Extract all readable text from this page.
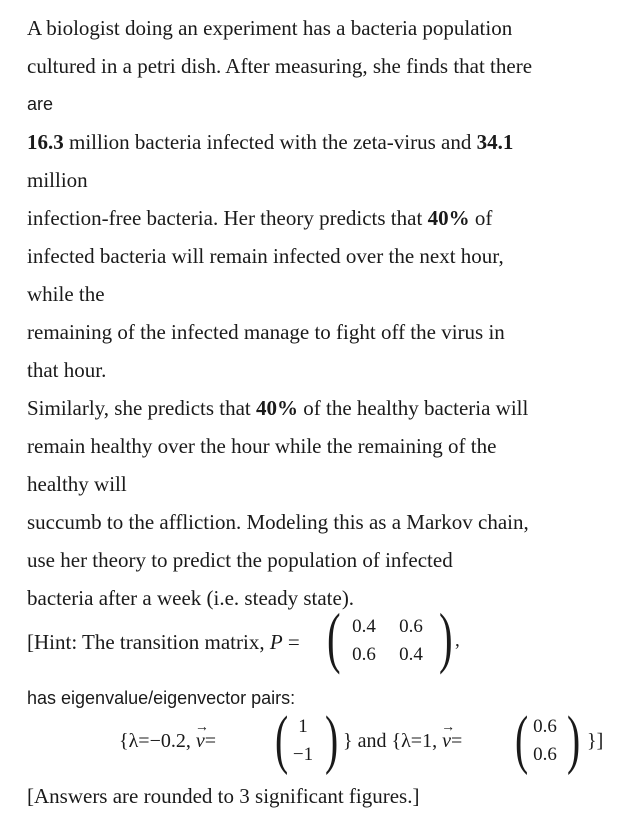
A biologist doing an experiment has a bacteria population
cultured in a petri dish. After measuring, she finds that there
are
16.3 million bacteria infected with the zeta-virus and 34.1
million
infection-free bacteria. Her theory predicts that 40% of
infected bacteria will remain infected over the next hour,
while the
remaining of the infected manage to fight off the virus in
that hour.
Similarly, she predicts that 40% of the healthy bacteria will
remain healthy over the hour while the remaining of the
healthy will
succumb to the affliction. Modeling this as a Markov chain,
use her theory to predict the population of infected
bacteria after a week (i.e. steady state).
[Hint: The transition matrix, P = ( 0.4	0.6
0.6	0.4 ) ,
has eigenvalue/eigenvector pairs:
{λ=−0.2,
→
v= ( 1
−1 ) } and {λ=1,
→
v= ( 0.6
0.6 ) }]
[Answers are rounded to 3 significant figures.]
